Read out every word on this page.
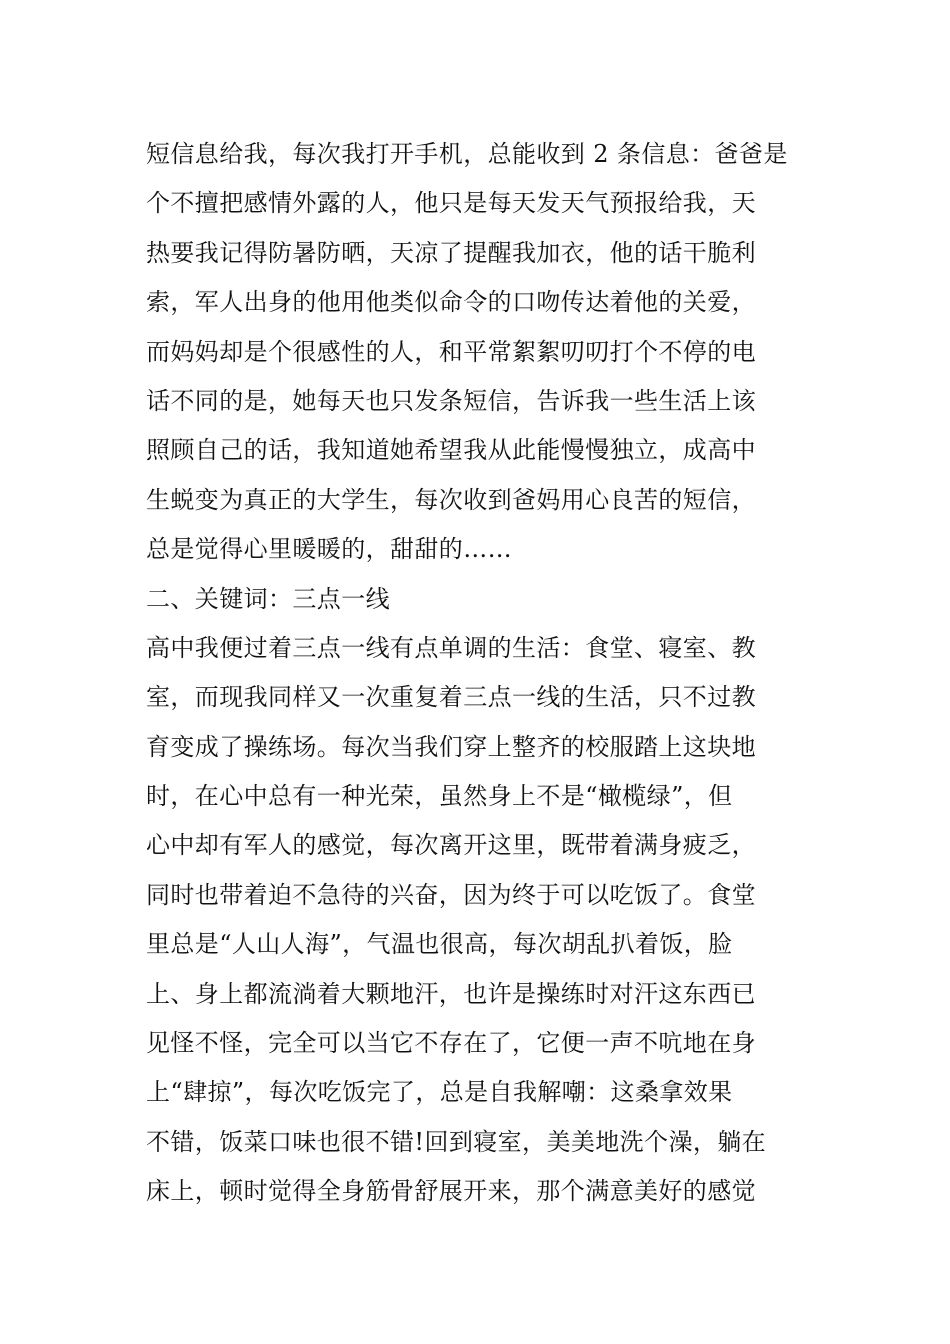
短信息给我，每次我打开手机，总能收到 2 条信息：爸爸是
个不擅把感情外露的人，他只是每天发天气预报给我，天
热要我记得防暑防晒，天凉了提醒我加衣，他的话干脆利
索，军人出身的他用他类似命令的口吻传达着他的关爱，
而妈妈却是个很感性的人，和平常絮絮叨叨打个不停的电
话不同的是，她每天也只发条短信，告诉我一些生活上该
照顾自己的话，我知道她希望我从此能慢慢独立，成高中
生蜕变为真正的大学生，每次收到爸妈用心良苦的短信，
总是觉得心里暖暖的，甜甜的……
二、关键词：三点一线
高中我便过着三点一线有点单调的生活：食堂、寝室、教
室，而现我同样又一次重复着三点一线的生活，只不过教
育变成了操练场。每次当我们穿上整齐的校服踏上这块地
时，在心中总有一种光荣，虽然身上不是“橄榄绿”，但
心中却有军人的感觉，每次离开这里，既带着满身疲乏，
同时也带着迫不急待的兴奋，因为终于可以吃饭了。食堂
里总是“人山人海”，气温也很高，每次胡乱扒着饭，脸
上、身上都流淌着大颗地汗，也许是操练时对汗这东西已
见怪不怪，完全可以当它不存在了，它便一声不吭地在身
上“肆掠”，每次吃饭完了，总是自我解嘲：这桑拿效果
不错，饭菜口味也很不错!回到寝室，美美地洗个澡，躺在
床上，顿时觉得全身筋骨舒展开来，那个满意美好的感觉
